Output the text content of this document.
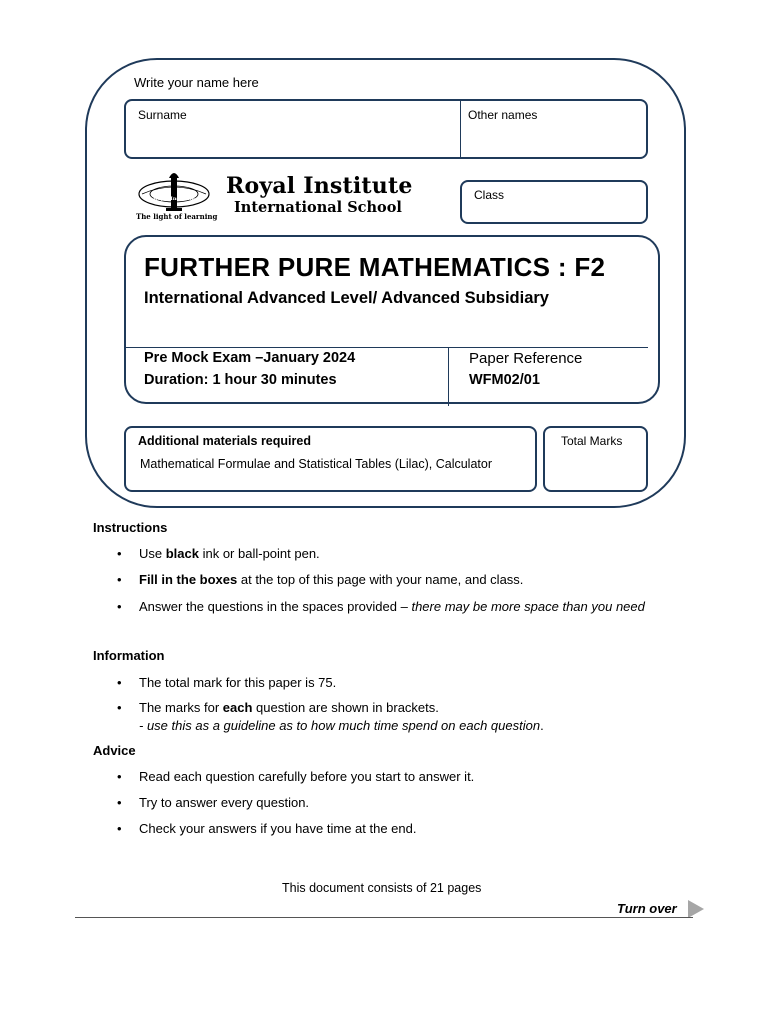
Write your name here
Surname	Other names
Royal Institute Royal Institute
International School
The light of learning
Class
FURTHER PURE MATHEMATICS : F2
International Advanced Level/ Advanced Subsidiary
Pre Mock Exam –January 2024
Duration: 1 hour 30 minutes
Paper Reference
WFM02/01
Additional materials required
Mathematical Formulae and Statistical Tables (Lilac), Calculator
Total Marks
Instructions
• Use black ink or ball-point pen.
• Fill in the boxes at the top of this page with your name, and class.
• Answer the questions in the spaces provided – there may be more space than you need
Information
• The total mark for this paper is 75.
• The marks for each question are shown in brackets.
- use this as a guideline as to how much time spend on each question.
Advice
• Read each question carefully before you start to answer it.
• Try to answer every question.
• Check your answers if you have time at the end.
This document consists of 21 pages
Turn over
